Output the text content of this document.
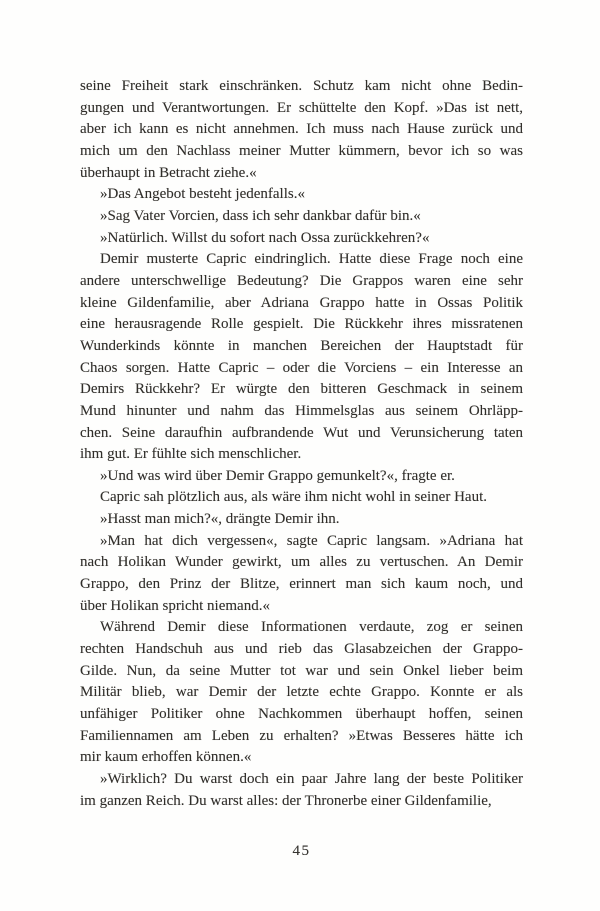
seine Freiheit stark einschränken. Schutz kam nicht ohne Bedin-
gungen und Verantwortungen. Er schüttelte den Kopf. »Das ist nett,
aber ich kann es nicht annehmen. Ich muss nach Hause zurück und
mich um den Nachlass meiner Mutter kümmern, bevor ich so was
überhaupt in Betracht ziehe.«
»Das Angebot besteht jedenfalls.«
»Sag Vater Vorcien, dass ich sehr dankbar dafür bin.«
»Natürlich. Willst du sofort nach Ossa zurückkehren?«
Demir musterte Capric eindringlich. Hatte diese Frage noch eine
andere unterschwellige Bedeutung? Die Grappos waren eine sehr
kleine Gildenfamilie, aber Adriana Grappo hatte in Ossas Politik
eine herausragende Rolle gespielt. Die Rückkehr ihres missratenen
Wunderkinds könnte in manchen Bereichen der Hauptstadt für
Chaos sorgen. Hatte Capric – oder die Vorciens – ein Interesse an
Demirs Rückkehr? Er würgte den bitteren Geschmack in seinem
Mund hinunter und nahm das Himmelsglas aus seinem Ohrläpp-
chen. Seine daraufhin aufbrandende Wut und Verunsicherung taten
ihm gut. Er fühlte sich menschlicher.
»Und was wird über Demir Grappo gemunkelt?«, fragte er.
Capric sah plötzlich aus, als wäre ihm nicht wohl in seiner Haut.
»Hasst man mich?«, drängte Demir ihn.
»Man hat dich vergessen«, sagte Capric langsam. »Adriana hat
nach Holikan Wunder gewirkt, um alles zu vertuschen. An Demir
Grappo, den Prinz der Blitze, erinnert man sich kaum noch, und
über Holikan spricht niemand.«
Während Demir diese Informationen verdaute, zog er seinen
rechten Handschuh aus und rieb das Glasabzeichen der Grappo-
Gilde. Nun, da seine Mutter tot war und sein Onkel lieber beim
Militär blieb, war Demir der letzte echte Grappo. Konnte er als
unfähiger Politiker ohne Nachkommen überhaupt hoffen, seinen
Familiennamen am Leben zu erhalten? »Etwas Besseres hätte ich
mir kaum erhoffen können.«
»Wirklich? Du warst doch ein paar Jahre lang der beste Politiker
im ganzen Reich. Du warst alles: der Thronerbe einer Gildenfamilie,
45
